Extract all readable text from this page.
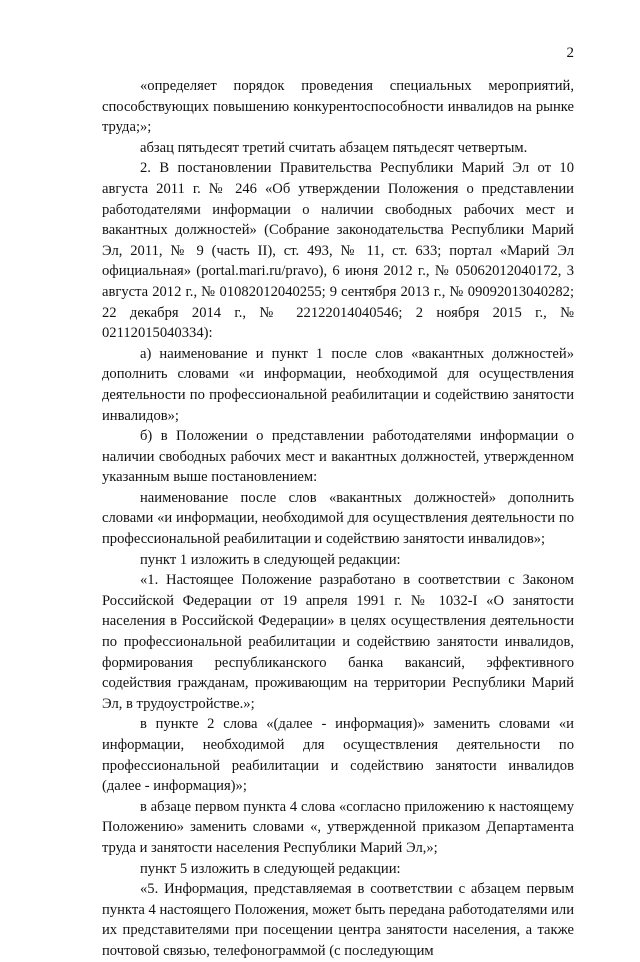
2

«определяет порядок проведения специальных мероприятий, способствующих повышению конкурентоспособности инвалидов на рынке труда;»;

абзац пятьдесят третий считать абзацем пятьдесят четвертым.

2. В постановлении Правительства Республики Марий Эл от 10 августа 2011 г. № 246 «Об утверждении Положения о представлении работодателями информации о наличии свободных рабочих мест и вакантных должностей» (Собрание законодательства Республики Марий Эл, 2011, № 9 (часть II), ст. 493, № 11, ст. 633; портал «Марий Эл официальная» (portal.mari.ru/pravo), 6 июня 2012 г., № 05062012040172, 3 августа 2012 г., № 01082012040255; 9 сентября 2013 г., № 09092013040282; 22 декабря 2014 г., № 22122014040546; 2 ноября 2015 г., № 02112015040334):

а) наименование и пункт 1 после слов «вакантных должностей» дополнить словами «и информации, необходимой для осуществления деятельности по профессиональной реабилитации и содействию занятости инвалидов»;

б) в Положении о представлении работодателями информации о наличии свободных рабочих мест и вакантных должностей, утвержденном указанным выше постановлением:

наименование после слов «вакантных должностей» дополнить словами «и информации, необходимой для осуществления деятельности по профессиональной реабилитации и содействию занятости инвалидов»;

пункт 1 изложить в следующей редакции:

«1. Настоящее Положение разработано в соответствии с Законом Российской Федерации от 19 апреля 1991 г. № 1032-I «О занятости населения в Российской Федерации» в целях осуществления деятельности по профессиональной реабилитации и содействию занятости инвалидов, формирования республиканского банка вакансий, эффективного содействия гражданам, проживающим на территории Республики Марий Эл, в трудоустройстве.»;

в пункте 2 слова «(далее - информация)» заменить словами «и информации, необходимой для осуществления деятельности по профессиональной реабилитации и содействию занятости инвалидов (далее - информация)»;

в абзаце первом пункта 4 слова «согласно приложению к настоящему Положению» заменить словами «, утвержденной приказом Департамента труда и занятости населения Республики Марий Эл,»;

пункт 5 изложить в следующей редакции:

«5. Информация, представляемая в соответствии с абзацем первым пункта 4 настоящего Положения, может быть передана работодателями или их представителями при посещении центра занятости населения, а также почтовой связью, телефонограммой (с последующим
